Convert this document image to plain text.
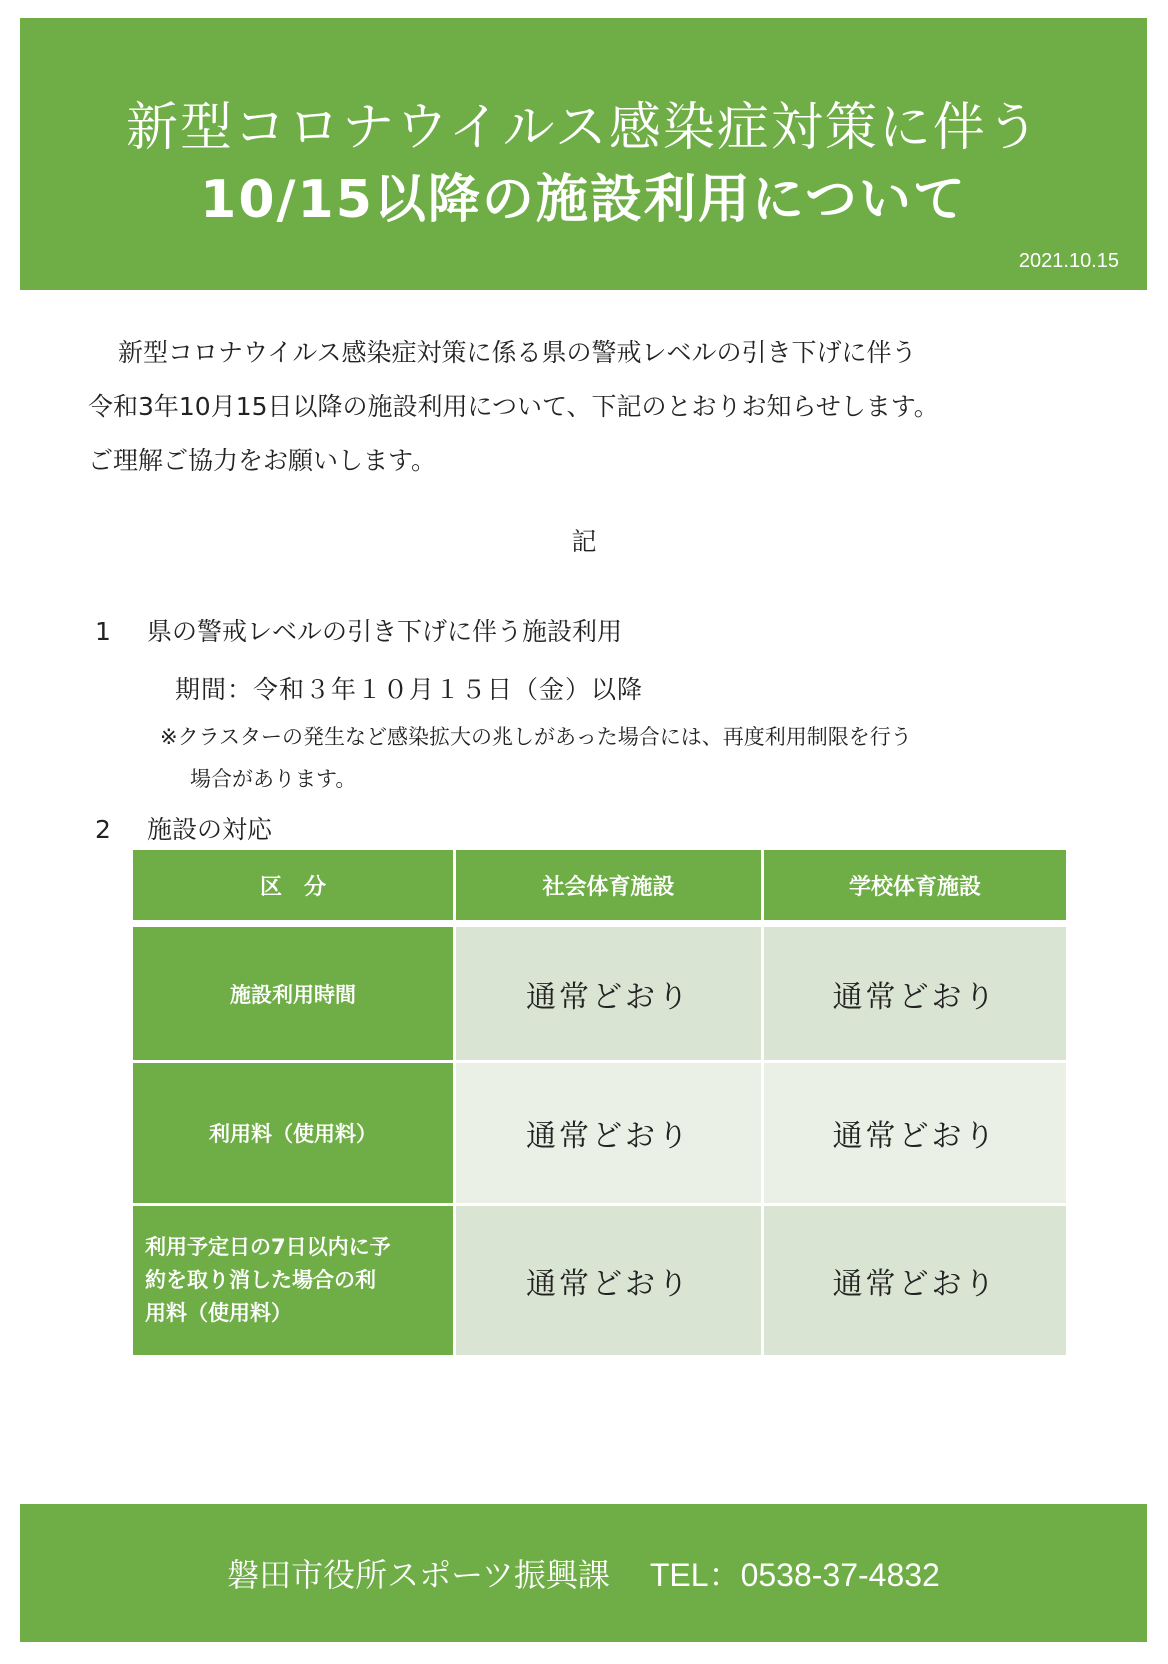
新型コロナウイルス感染症対策に伴う
10/15以降の施設利用について
2021.10.15

新型コロナウイルス感染症対策に係る県の警戒レベルの引き下げに伴う

令和3年10月15日以降の施設利用について、下記のとおりお知らせします。

ご理解ご協力をお願いします。

記
1 県の警戒レベルの引き下げに伴う施設利用
期間：令和３年１０月１５日（金）以降
※クラスターの発生など感染拡大の兆しがあった場合には、再度利用制限を行う
場合があります。
2 施設の対応
区　分	社会体育施設	学校体育施設
施設利用時間	通常どおり	通常どおり
利用料（使用料）	通常どおり	通常どおり
利用予定日の7日以内に予
約を取り消した場合の利
用料（使用料）
通常どおり	通常どおり
磐田市役所スポーツ振興課 TEL：0538-37-4832
